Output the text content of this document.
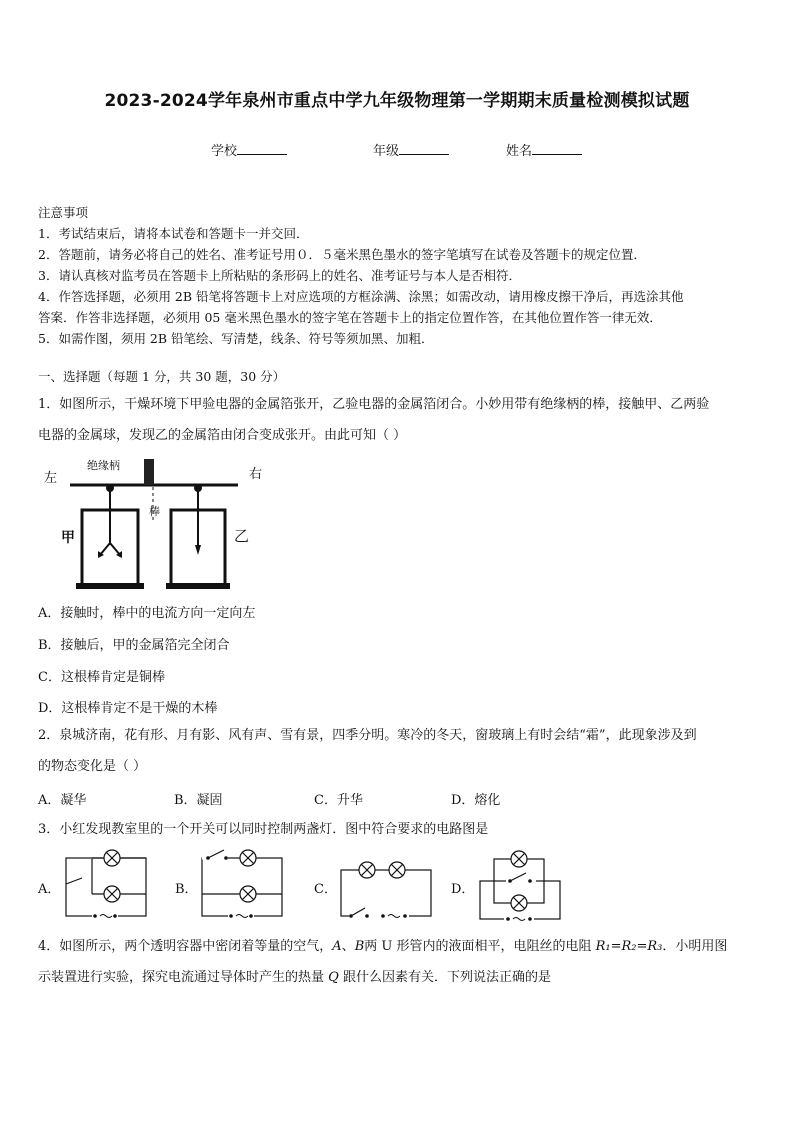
2023-2024学年泉州市重点中学九年级物理第一学期期末质量检测模拟试题
学校	年级	姓名
注意事项
1．考试结束后，请将本试卷和答题卡一并交回．
2．答题前，请务必将自己的姓名、准考证号用０．５毫米黑色墨水的签字笔填写在试卷及答题卡的规定位置．
3．请认真核对监考员在答题卡上所粘贴的条形码上的姓名、准考证号与本人是否相符．
4．作答选择题，必须用 2B 铅笔将答题卡上对应选项的方框涂满、涂黑；如需改动，请用橡皮擦干净后，再选涂其他
答案．作答非选择题，必须用 05 毫米黑色墨水的签字笔在答题卡上的指定位置作答，在其他位置作答一律无效．
5．如需作图，须用 2B 铅笔绘、写清楚，线条、符号等须加黑、加粗．
一、选择题（每题 1 分，共 30 题，30 分）
1．如图所示，干燥环境下甲验电器的金属箔张开，乙验电器的金属箔闭合。小妙用带有绝缘柄的棒，接触甲、乙两验
电器的金属球，发现乙的金属箔由闭合变成张开。由此可知（ ）
左	右
绝缘柄
棒
甲	乙
A．接触时，棒中的电流方向一定向左
B．接触后，甲的金属箔完全闭合
C．这根棒肯定是铜棒
D．这根棒肯定不是干燥的木棒
2．泉城济南，花有形、月有影、风有声、雪有景，四季分明。寒冷的冬天，窗玻璃上有时会结“霜”，此现象涉及到
的物态变化是（ ）
A．凝华	B．凝固	C．升华	D．熔化
3．小红发现教室里的一个开关可以同时控制两盏灯．图中符合要求的电路图是
A．	B．	C．	D．
4．如图所示，两个透明容器中密闭着等量的空气，A、B两 U 形管内的液面相平，电阻丝的电阻 R₁=R₂=R₃．小明用图
示装置进行实验，探究电流通过导体时产生的热量 Q 跟什么因素有关．下列说法正确的是
